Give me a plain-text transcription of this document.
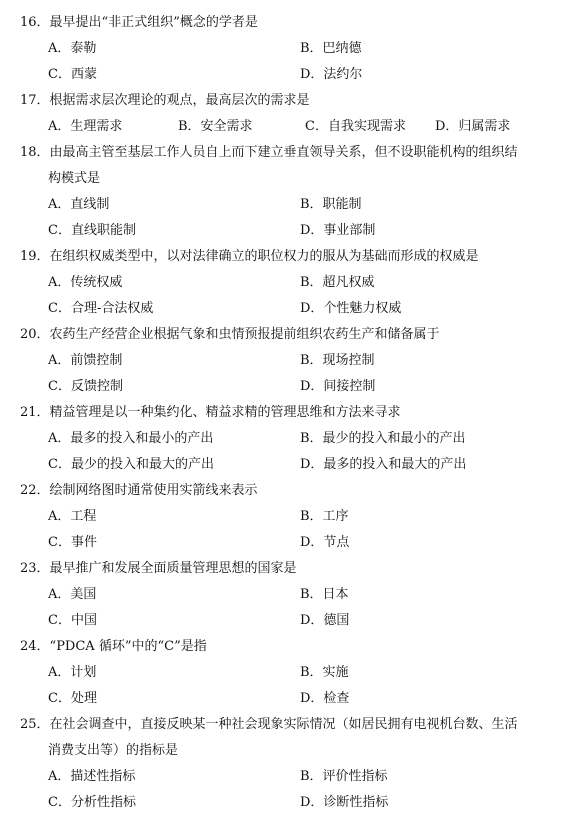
16．最早提出“非正式组织”概念的学者是
A．泰勒	B．巴纳德
C．西蒙	D．法约尔
17．根据需求层次理论的观点，最高层次的需求是
A．生理需求	B．安全需求	C．自我实现需求 D．归属需求
18．由最高主管至基层工作人员自上而下建立垂直领导关系，但不设职能机构的组织结
构模式是
A．直线制	B．职能制
C．直线职能制	D．事业部制
19．在组织权威类型中，以对法律确立的职位权力的服从为基础而形成的权威是
A．传统权威	B．超凡权威
C．合理-合法权威	D．个性魅力权威
20．农药生产经营企业根据气象和虫情预报提前组织农药生产和储备属于
A．前馈控制	B．现场控制
C．反馈控制	D．间接控制
21．精益管理是以一种集约化、精益求精的管理思维和方法来寻求
A．最多的投入和最小的产出	B．最少的投入和最小的产出
C．最少的投入和最大的产出	D．最多的投入和最大的产出
22．绘制网络图时通常使用实箭线来表示
A．工程	B．工序
C．事件	D．节点
23．最早推广和发展全面质量管理思想的国家是
A．美国	B．日本
C．中国	D．德国
24．“PDCA 循环”中的“C”是指
A．计划	B．实施
C．处理	D．检查
25．在社会调查中，直接反映某一种社会现象实际情况（如居民拥有电视机台数、生活
消费支出等）的指标是
A．描述性指标	B．评价性指标
C．分析性指标	D．诊断性指标
